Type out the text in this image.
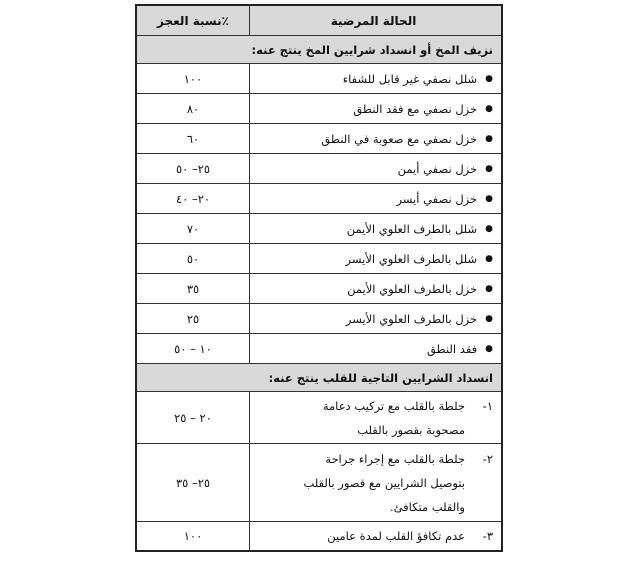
الحالة المرضية
نسبة العجز٪
نزيف المخ أو انسداد شرايين المخ ينتج عنه:
●
شلل نصفي غير قابل للشفاء
١٠٠
●
خزل نصفي مع فقد النطق
٨٠
●
خزل نصفي مع صعوبة في النطق
٦٠
●
خزل نصفي أيمن
٢٥– ٥٠
●
خزل نصفي أيسر
٢٠– ٤٠
●
شلل بالطرف العلوي الأيمن
٧٠
●
شلل بالطرف العلوي الأيسر
٥٠
●
خزل بالطرف العلوي الأيمن
٣٥
●
خزل بالطرف العلوي الأيسر
٢٥
●
فقد النطق
١٠ – ٥٠
انسداد الشرايين التاجية للقلب ينتج عنه:
١-جلطة بالقلب مع تركيب دعامة
مصحوبة بقصور بالقلب
٢٠ – ٢٥
٢-جلطة بالقلب مع إجراء جراحة
بتوصيل الشرايين مع قصور بالقلب
والقلب متكافئ.
٢٥– ٣٥
٣-
عدم تكافؤ القلب لمدة عامين
١٠٠
